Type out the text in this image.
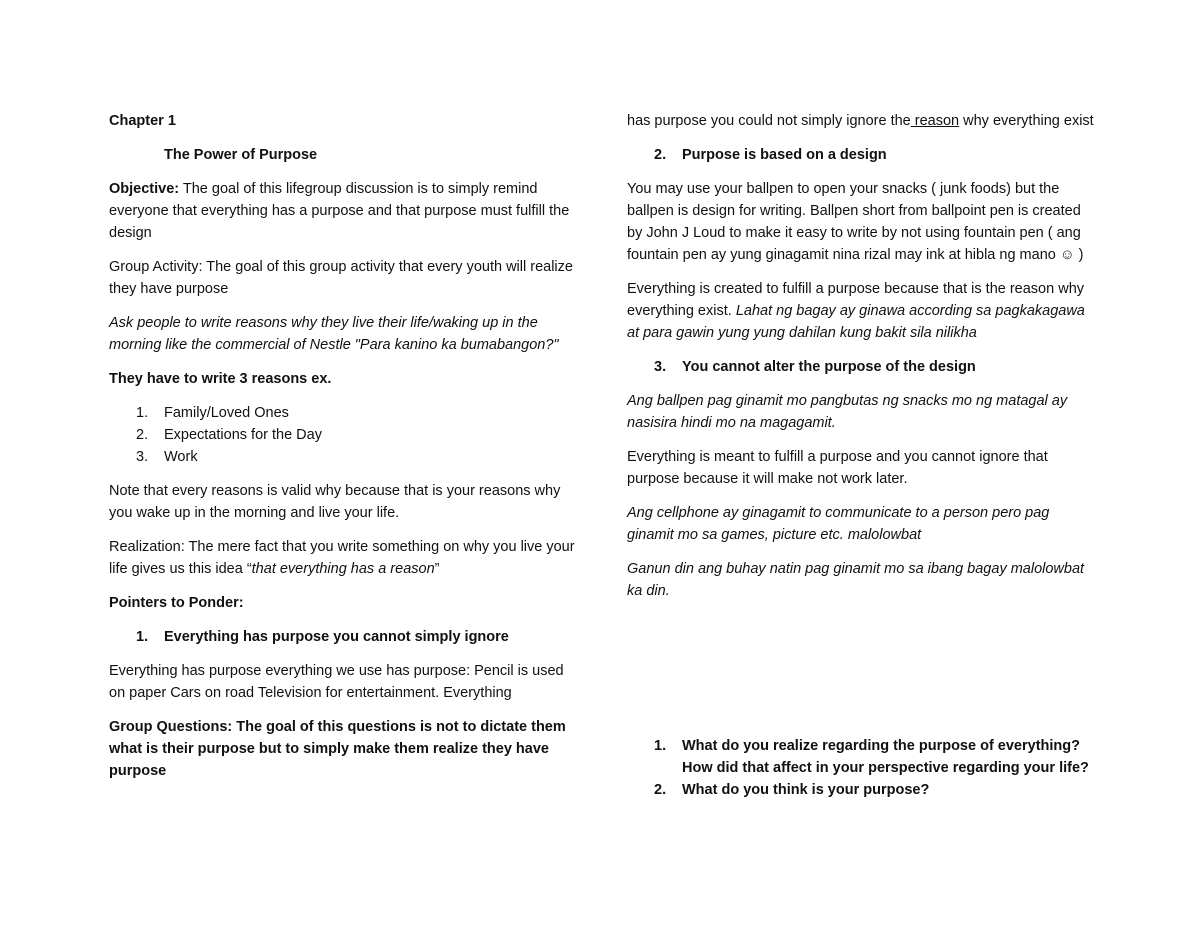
Chapter 1

The Power of Purpose

Objective: The goal of this lifegroup discussion is to simply remind everyone that everything has a purpose and that purpose must fulfill the design

Group Activity: The goal of this group activity that every youth will realize they have purpose

Ask people to write reasons why they live their life/waking up in the morning like the commercial of Nestle "Para kanino ka bumabangon?"

They have to write 3 reasons ex.

1. Family/Loved Ones
2. Expectations for the Day
3. Work

Note that every reasons is valid why because that is your reasons why you wake up in the morning and live your life.

Realization: The mere fact that you write something on why you live your life gives us this idea “that everything has a reason”

Pointers to Ponder:

1. Everything has purpose you cannot simply ignore

Everything has purpose everything we use has purpose: Pencil is used on paper Cars on road Television for entertainment. Everything

Group Questions: The goal of this questions is not to dictate them what is their purpose but to simply make them realize they have purpose

has purpose you could not simply ignore the reason why everything exist

2. Purpose is based on a design

You may use your ballpen to open your snacks ( junk foods) but the ballpen is design for writing. Ballpen short from ballpoint pen is created by John J Loud to make it easy to write by not using fountain pen ( ang fountain pen ay yung ginagamit nina rizal may ink at hibla ng mano ☺ )

Everything is created to fulfill a purpose because that is the reason why everything exist. Lahat ng bagay ay ginawa according sa pagkakagawa at para gawin yung yung dahilan kung bakit sila nilikha

3. You cannot alter the purpose of the design

Ang ballpen pag ginamit mo pangbutas ng snacks mo ng matagal ay nasisira hindi mo na magagamit.

Everything is meant to fulfill a purpose and you cannot ignore that purpose because it will make not work later.

Ang cellphone ay ginagamit to communicate to a person pero pag ginamit mo sa games, picture etc. malolowbat

Ganun din ang buhay natin pag ginamit mo sa ibang bagay malolowbat ka din.

1. What do you realize regarding the purpose of everything? How did that affect in your perspective regarding your life?
2. What do you think is your purpose?
